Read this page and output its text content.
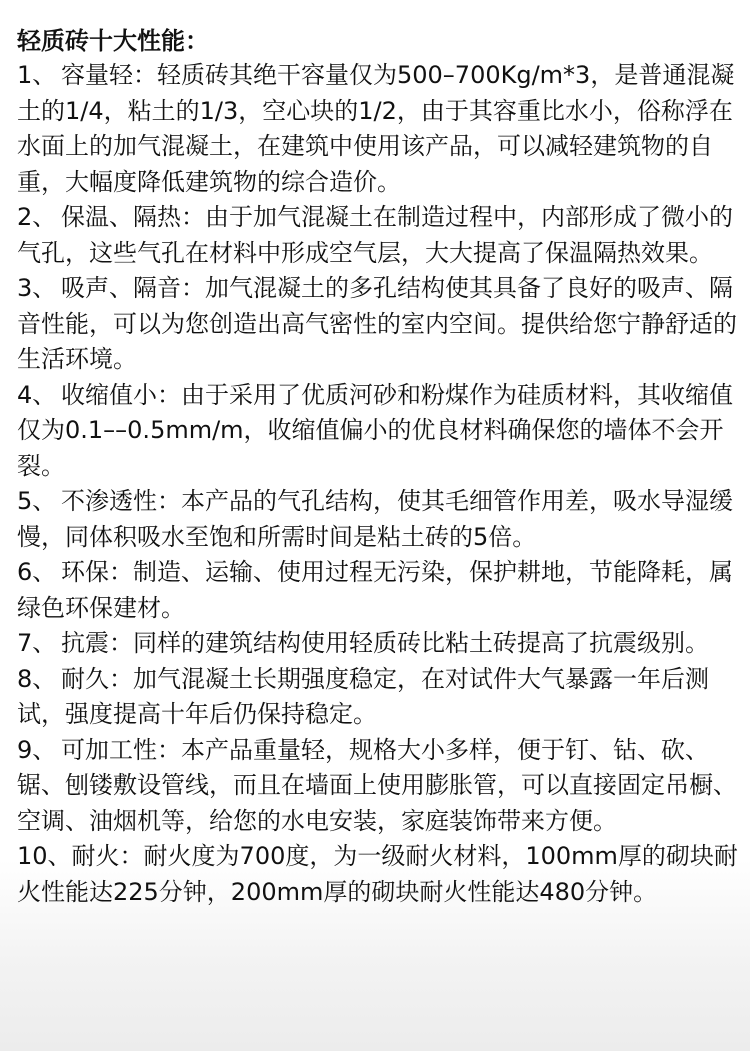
轻质砖十大性能：
1、 容量轻：轻质砖其绝干容量仅为500–700Kg/m*3，是普通混凝土的1/4，粘土的1/3，空心块的1/2，由于其容重比水小，俗称浮在水面上的加气混凝土，在建筑中使用该产品，可以减轻建筑物的自重，大幅度降低建筑物的综合造价。
2、 保温、隔热：由于加气混凝土在制造过程中，内部形成了微小的气孔，这些气孔在材料中形成空气层，大大提高了保温隔热效果。
3、 吸声、隔音：加气混凝土的多孔结构使其具备了良好的吸声、隔音性能，可以为您创造出高气密性的室内空间。提供给您宁静舒适的生活环境。
4、 收缩值小：由于采用了优质河砂和粉煤作为硅质材料，其收缩值仅为0.1––0.5mm/m，收缩值偏小的优良材料确保您的墙体不会开裂。
5、 不渗透性：本产品的气孔结构，使其毛细管作用差，吸水导湿缓慢，同体积吸水至饱和所需时间是粘土砖的5倍。
6、 环保：制造、运输、使用过程无污染，保护耕地，节能降耗，属绿色环保建材。
7、 抗震：同样的建筑结构使用轻质砖比粘土砖提高了抗震级别。
8、 耐久：加气混凝土长期强度稳定，在对试件大气暴露一年后测试，强度提高十年后仍保持稳定。
9、 可加工性：本产品重量轻，规格大小多样，便于钉、钻、砍、锯、刨镂敷设管线，而且在墙面上使用膨胀管，可以直接固定吊橱、空调、油烟机等，给您的水电安装，家庭装饰带来方便。
10、耐火：耐火度为700度，为一级耐火材料，100mm厚的砌块耐火性能达225分钟，200mm厚的砌块耐火性能达480分钟。
